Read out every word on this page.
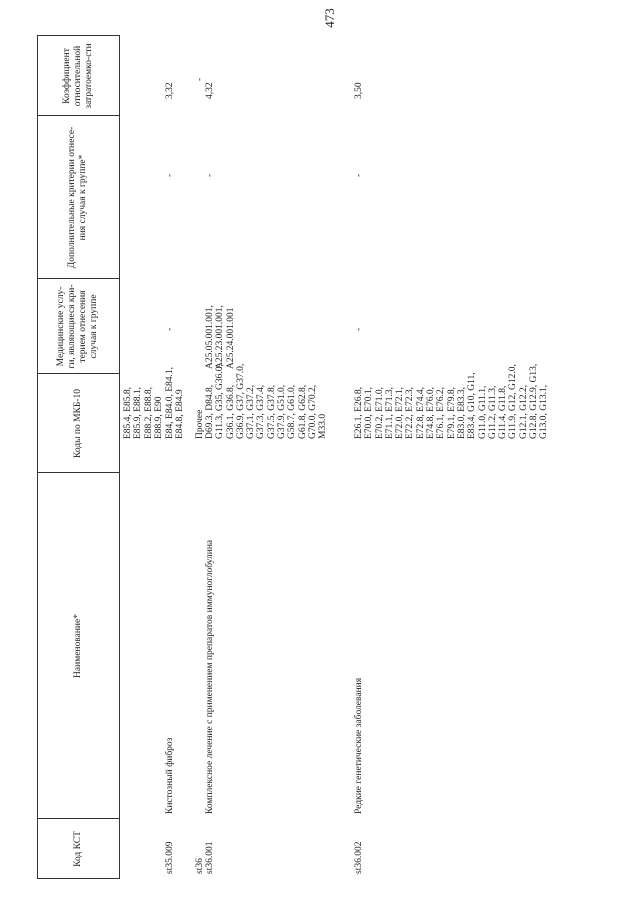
473
Код КСТ
Наименование*
Коды по МКБ-10
Медицинские услу-ги, являющиеся кри-терием отнесения случая к группе
Дополнительные критерии отнесе-ния случая к группе*
Коэффициент относительной затратоемко-сти
E85.4, E85.8,
E85.9, E88.1,
E88.2, E88.8,
E88.9, E90
st35.009
Кистозный фиброз
E84, E84.0, E84.1,
E84.8, E84.9
-
-
3,32
st36
Прочее
-
st36.001
Комплексное лечение с применением препаратов иммуноглобулина
D69.3, D84.8,
G11.3, G35, G36.0,
G36.1, G36.8,
G36.9, G37, G37.0,
G37.1, G37.2,
G37.3, G37.4,
G37.5, G37.8,
G37.9, G51.0,
G58.7, G61.0,
G61.8, G62.8,
G70.0, G70.2,
M33.0
A25.05.001.001,
A25.23.001.001,
A25.24.001.001
-
4,32
st36.002
Редкие генетические заболевания
E26.1, E26.8,
E70.0, E70.1,
E70.2, E71.0,
E71.1, E71.3,
E72.0, E72.1,
E72.2, E72.3,
E72.8, E74.4,
E74.8, E76.0,
E76.1, E76.2,
E79.1, E79.8,
E83.0, E83.3,
E83.4, G10, G11,
G11.0, G11.1,
G11.2, G11.3,
G11.4, G11.8,
G11.9, G12, G12.0,
G12.1, G12.2,
G12.8, G12.9, G13,
G13.0, G13.1,
-
-
3,50
